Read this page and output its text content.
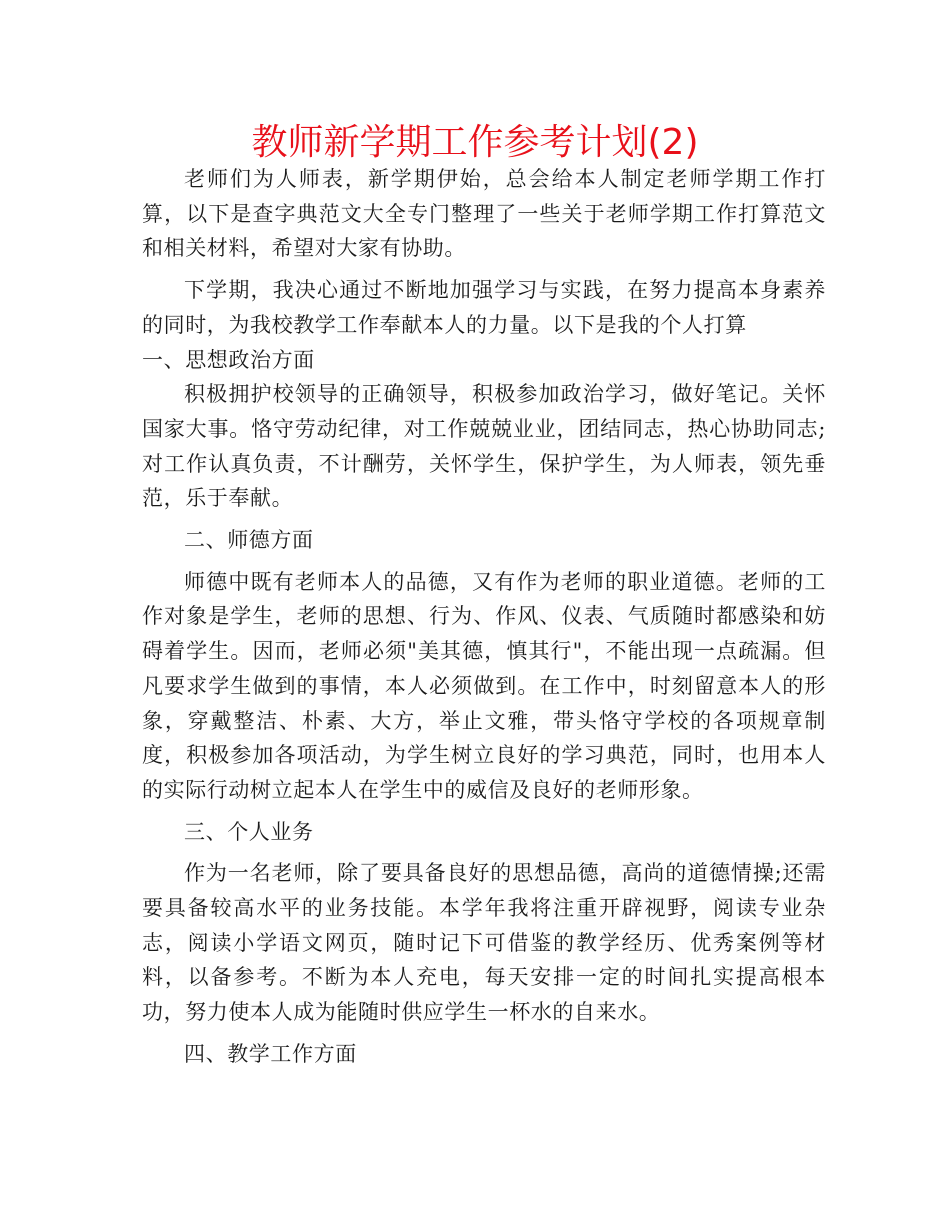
教师新学期工作参考计划(2)

老师们为人师表，新学期伊始，总会给本人制定老师学期工作打算，以下是查字典范文大全专门整理了一些关于老师学期工作打算范文和相关材料，希望对大家有协助。

下学期，我决心通过不断地加强学习与实践，在努力提高本身素养的同时，为我校教学工作奉献本人的力量。以下是我的个人打算

一、思想政治方面

积极拥护校领导的正确领导，积极参加政治学习，做好笔记。关怀国家大事。恪守劳动纪律，对工作兢兢业业，团结同志，热心协助同志;对工作认真负责，不计酬劳，关怀学生，保护学生，为人师表，领先垂范，乐于奉献。

二、师德方面

师德中既有老师本人的品德，又有作为老师的职业道德。老师的工作对象是学生，老师的思想、行为、作风、仪表、气质随时都感染和妨碍着学生。因而，老师必须"美其德，慎其行"，不能出现一点疏漏。但凡要求学生做到的事情，本人必须做到。在工作中，时刻留意本人的形象，穿戴整洁、朴素、大方，举止文雅，带头恪守学校的各项规章制度，积极参加各项活动，为学生树立良好的学习典范，同时，也用本人的实际行动树立起本人在学生中的威信及良好的老师形象。

三、个人业务

作为一名老师，除了要具备良好的思想品德，高尚的道德情操;还需要具备较高水平的业务技能。本学年我将注重开辟视野，阅读专业杂志，阅读小学语文网页，随时记下可借鉴的教学经历、优秀案例等材料，以备参考。不断为本人充电，每天安排一定的时间扎实提高根本功，努力使本人成为能随时供应学生一杯水的自来水。

四、教学工作方面
